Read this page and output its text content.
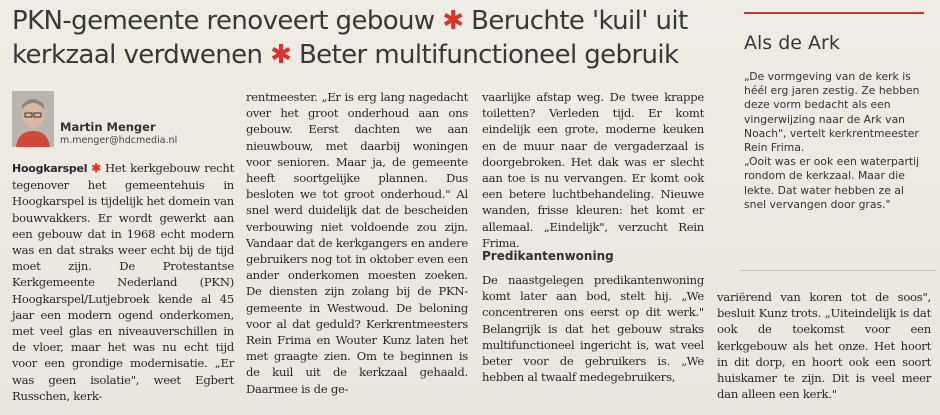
PKN-gemeente renoveert gebouw ✱ Beruchte 'kuil' uit kerkzaal verdwenen ✱ Beter multifunctioneel gebruik
Martin Menger
m.menger@hdcmedia.nl

Hoogkarspel ✱ Het kerkgebouw recht tegenover het gemeentehuis in Hoogkarspel is tijdelijk het domein van bouwvakkers. Er wordt gewerkt aan een gebouw dat in 1968 echt modern was en dat straks weer echt bij de tijd moet zijn. De Protestantse Kerkgemeente Nederland (PKN) Hoogkarspel/Lutjebroek kende al 45 jaar een modern ogend onderkomen, met veel glas en niveauverschillen in de vloer, maar het was nu echt tijd voor een grondige modernisatie. „Er was geen isolatie", weet Egbert Russchen, kerk-

rentmeester. „Er is erg lang nagedacht over het groot onderhoud aan ons gebouw. Eerst dachten we aan nieuwbouw, met daarbij woningen voor senioren. Maar ja, de gemeente heeft soortgelijke plannen. Dus besloten we tot groot onderhoud." Al snel werd duidelijk dat de bescheiden verbouwing niet voldoende zou zijn. Vandaar dat de kerkgangers en andere gebruikers nog tot in oktober even een ander onderkomen moesten zoeken. De diensten zijn zolang bij de PKN-gemeente in Westwoud. De beloning voor al dat geduld? Kerkrentmeesters Rein Frima en Wouter Kunz laten het met graagte zien. Om te beginnen is de kuil uit de kerkzaal gehaald. Daarmee is de ge-

vaarlijke afstap weg. De twee krappe toiletten? Verleden tijd. Er komt eindelijk een grote, moderne keuken en de muur naar de vergaderzaal is doorgebroken. Het dak was er slecht aan toe is nu vervangen. Er komt ook een betere luchtbehandeling. Nieuwe wanden, frisse kleuren: het komt er allemaal. „Eindelijk", verzucht Rein Frima.

Predikantenwoning

De naastgelegen predikantenwoning komt later aan bod, stelt hij. „We concentreren ons eerst op dit werk." Belangrijk is dat het gebouw straks multifunctioneel ingericht is, wat veel beter voor de gebruikers is. „We hebben al twaalf medegebruikers,

variërend van koren tot de soos", besluit Kunz trots. „Uiteindelijk is dat ook de toekomst voor een kerkgebouw als het onze. Het hoort in dit dorp, en hoort ook een soort huiskamer te zijn. Dit is veel meer dan alleen een kerk."

Als de Ark

„De vormgeving van de kerk is héél erg jaren zestig. Ze hebben deze vorm bedacht als een vingerwijzing naar de Ark van Noach", vertelt kerkrentmeester Rein Frima.

„Ooit was er ook een waterpartij rondom de kerkzaal. Maar die lekte. Dat water hebben ze al snel vervangen door gras."
